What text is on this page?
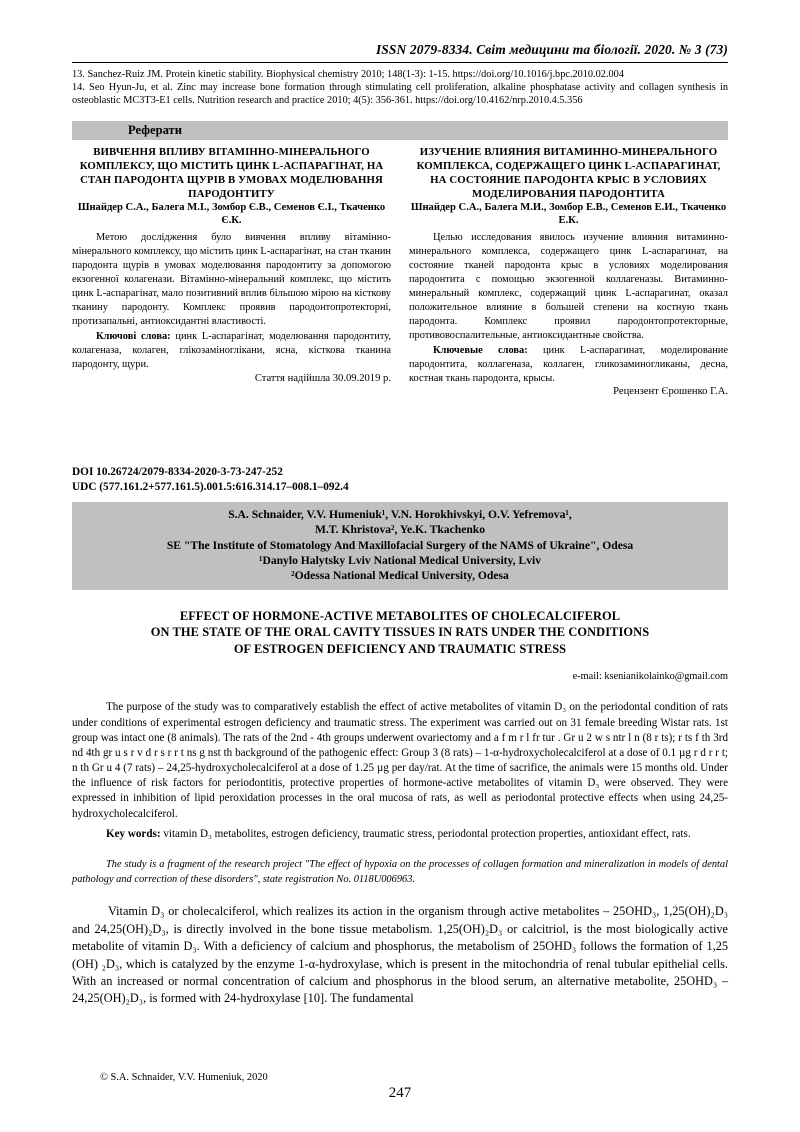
ISSN 2079-8334. Світ медицини та біології. 2020. № 3 (73)

13. Sanchez-Ruiz JM. Protein kinetic stability. Biophysical chemistry 2010; 148(1-3): 1-15. https://doi.org/10.1016/j.bpc.2010.02.004

14. Seo Hyun-Ju, et al. Zinc may increase bone formation through stimulating cell proliferation, alkaline phosphatase activity and collagen synthesis in osteoblastic MC3T3-E1 cells. Nutrition research and practice 2010; 4(5): 356-361. https://doi.org/10.4162/nrp.2010.4.5.356

Реферати
ВИВЧЕННЯ ВПЛИВУ ВІТАМІННО-МІНЕРАЛЬНОГО КОМПЛЕКСУ, ЩО МІСТИТЬ ЦИНК L-АСПАРАГІНАТ, НА СТАН ПАРОДОНТА ЩУРІВ В УМОВАХ МОДЕЛЮВАННЯ ПАРОДОНТИТУ
Шнайдер С.А., Балега М.І., Зомбор Є.В., Семенов Є.І., Ткаченко Є.К.
Метою дослідження було вивчення впливу вітамінно-мінерального комплексу, що містить цинк L-аспарагінат, на стан тканин пародонта щурів в умовах моделювання пародонтиту за допомогою екзогенної колагенази. Вітамінно-мінеральний комплекс, що містить цинк L-аспарагінат, мало позитивний вплив більшою мірою на кісткову тканину пародонту. Комплекс проявив пародонтопротекторні, протизапальні, антиоксидантні властивості.
Ключові слова: цинк L-аспарагінат, моделювання пародонтиту, колагеназа, колаген, глікозаміноглікани, ясна, кісткова тканина пародонту, щури.
Стаття надійшла 30.09.2019 р.
ИЗУЧЕНИЕ ВЛИЯНИЯ ВИТАМИННО-МИНЕРАЛЬНОГО КОМПЛЕКСА, СОДЕРЖАЩЕГО ЦИНК L-АСПАРАГИНАТ, НА СОСТОЯНИЕ ПАРОДОНТА КРЫС В УСЛОВИЯХ МОДЕЛИРОВАНИЯ ПАРОДОНТИТА
Шнайдер С.А., Балега М.И., Зомбор Е.В., Семенов Е.И., Ткаченко Е.К.
Целью исследования явилось изучение влияния витаминно-минерального комплекса, содержащего цинк L-аспарагинат, на состояние тканей пародонта крыс в условиях моделирования пародонтита с помощью экзогенной коллагеназы. Витаминно-минеральный комплекс, содержащий цинк L-аспарагинат, оказал положительное влияние в большей степени на костную ткань пародонта. Комплекс проявил пародонтопротекторные, противовоспалительные, антиоксидантные свойства.
Ключевые слова: цинк L-аспарагинат, моделирование пародонтита, коллагеназа, коллаген, гликозаминогликаны, десна, костная ткань пародонта, крысы.
Рецензент Єрошенко Г.А.
DOI 10.26724/2079-8334-2020-3-73-247-252
UDC (577.161.2+577.161.5).001.5:616.314.17–008.1–092.4
S.A. Schnaider, V.V. Humeniuk¹, V.N. Horokhivskyi, O.V. Yefremova¹,
M.T. Khristova², Ye.K. Tkachenko
SE "The Institute of Stomatology And Maxillofacial Surgery of the NAMS of Ukraine", Odesa
¹Danylo Halytsky Lviv National Medical University, Lviv
²Odessa National Medical University, Odesa
EFFECT OF HORMONE-ACTIVE METABOLITES OF CHOLECALCIFEROL
ON THE STATE OF THE ORAL CAVITY TISSUES IN RATS UNDER THE CONDITIONS
OF ESTROGEN DEFICIENCY AND TRAUMATIC STRESS
e-mail: ksenianikolainko@gmail.com
The purpose of the study was to comparatively establish the effect of active metabolites of vitamin D₃ on the periodontal condition of rats under conditions of experimental estrogen deficiency and traumatic stress. The experiment was carried out on 31 female breeding Wistar rats. 1st group was intact one (8 animals). The rats of the 2nd - 4th groups underwent ovariectomy and a f m r l fr tur . Gr u 2 w s ntr l n (8 r ts); r ts f th 3rd nd 4th gr u s r v d r s r r t ns g nst th background of the pathogenic effect: Group 3 (8 rats) – 1-α-hydroxycholecalciferol at a dose of 0.1 µg r d r r t; n th Gr u 4 (7 rats) – 24,25-hydroxycholecalciferol at a dose of 1.25 µg per day/rat. At the time of sacrifice, the animals were 15 months old. Under the influence of risk factors for periodontitis, protective properties of hormone-active metabolites of vitamin D₃ were observed. They were expressed in inhibition of lipid peroxidation processes in the oral mucosa of rats, as well as periodontal protective effects when using 24,25-hydroxycholecalciferol.
Key words: vitamin D₃ metabolites, estrogen deficiency, traumatic stress, periodontal protection properties, antioxidant effect, rats.
The study is a fragment of the research project "The effect of hypoxia on the processes of collagen formation and mineralization in models of dental pathology and correction of these disorders", state registration No. 0118U006963.
Vitamin D₃ or cholecalciferol, which realizes its action in the organism through active metabolites – 25OHD₃, 1,25(OH)₂D₃ and 24,25(OH)₂D₃, is directly involved in the bone tissue metabolism. 1,25(OH)₂D₃ or calcitriol, is the most biologically active metabolite of vitamin D₃. With a deficiency of calcium and phosphorus, the metabolism of 25OHD₃ follows the formation of 1,25 (OH) ₂D₃, which is catalyzed by the enzyme 1-α-hydroxylase, which is present in the mitochondria of renal tubular epithelial cells. With an increased or normal concentration of calcium and phosphorus in the blood serum, an alternative metabolite, 25OHD₃ – 24,25(OH)₂D₃, is formed with 24-hydroxylase [10]. The fundamental
© S.A. Schnaider, V.V. Humeniuk, 2020
247
